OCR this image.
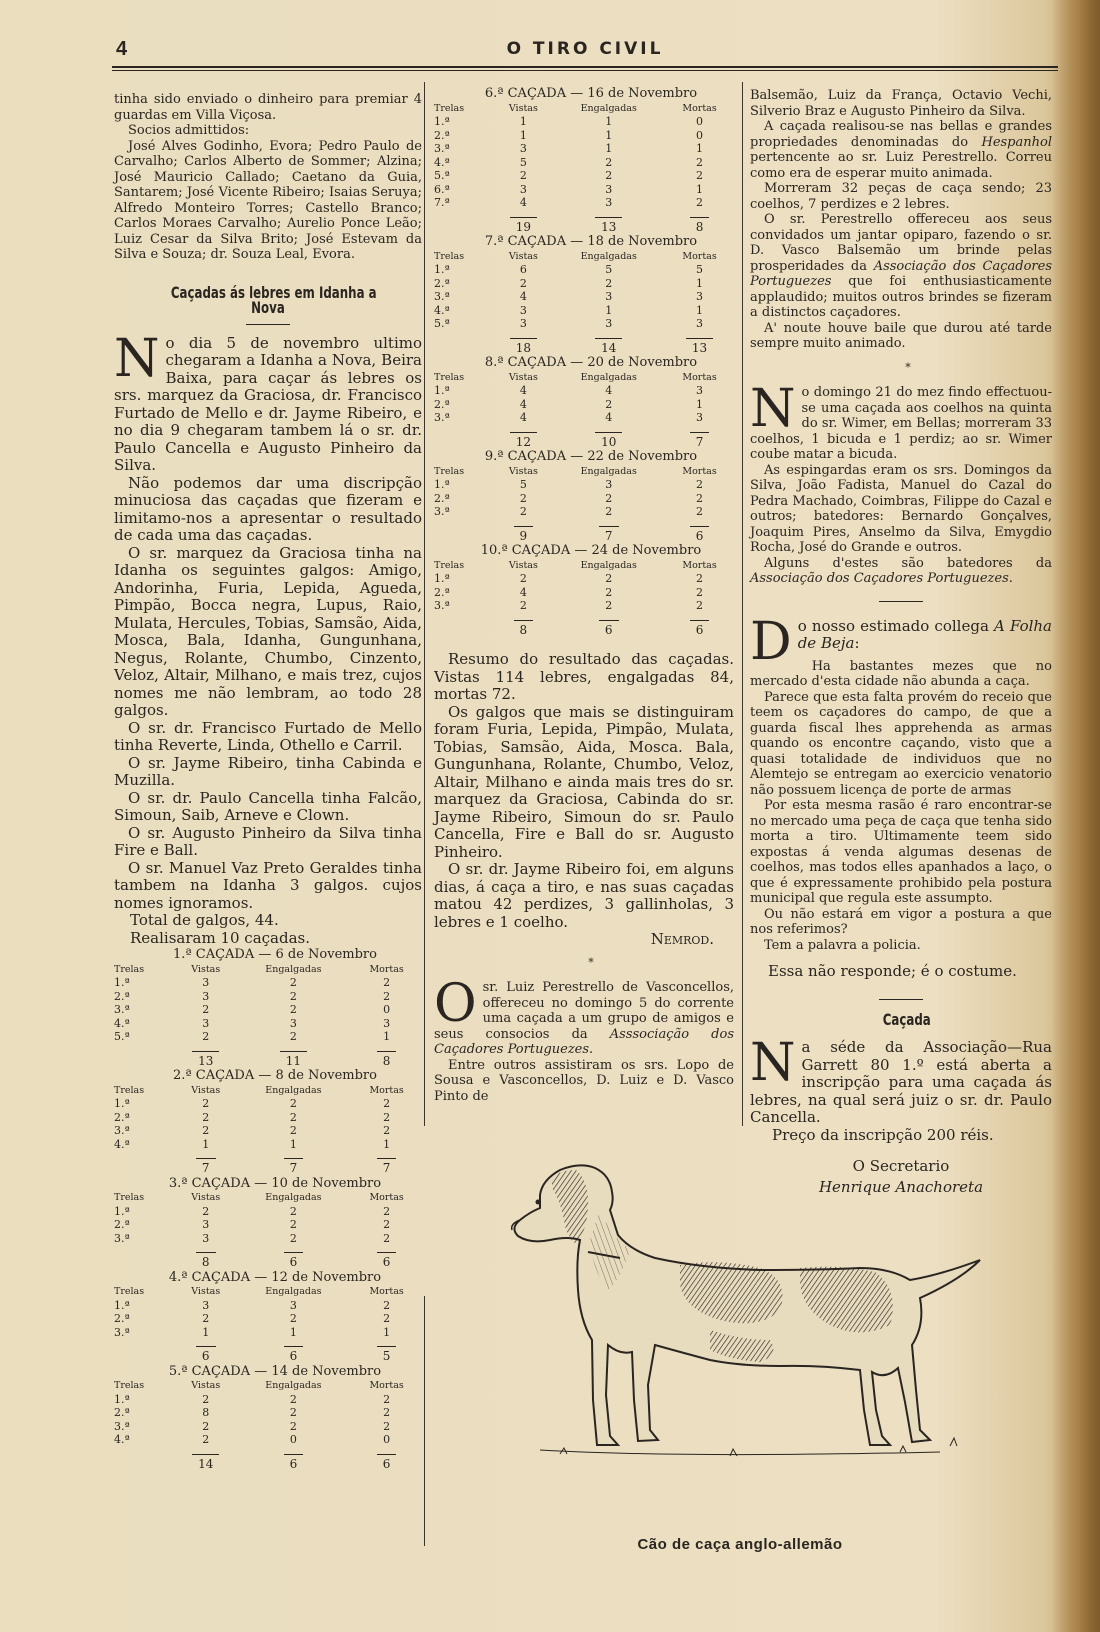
4	O TIRO CIVIL

tinha sido enviado o dinheiro para premiar 4 guardas em Villa Viçosa.

Socios admittidos:

José Alves Godinho, Evora; Pedro Paulo de Carvalho; Carlos Alberto de Sommer; Alzina; José Mauricio Callado; Caetano da Guia, Santarem; José Vicente Ribeiro; Isaias Seruya; Alfredo Monteiro Torres; Castello Branco; Carlos Moraes Carvalho; Aurelio Ponce Leão; Luiz Cesar da Silva Brito; José Estevam da Silva e Souza; dr. Souza Leal, Evora.

Caçadas ás lebres em Idanha a Nova

No dia 5 de novembro ultimo chegaram a Idanha a Nova, Beira Baixa, para caçar ás lebres os srs. marquez da Graciosa, dr. Francisco Furtado de Mello e dr. Jayme Ribeiro, e no dia 9 chegaram tambem lá o sr. dr. Paulo Cancella e Augusto Pinheiro da Silva.

Não podemos dar uma discripção minuciosa das caçadas que fizeram e limitamo-nos a apresentar o resultado de cada uma das caçadas.

O sr. marquez da Graciosa tinha na Idanha os seguintes galgos: Amigo, Andorinha, Furia, Lepida, Agueda, Pimpão, Bocca negra, Lupus, Raio, Mulata, Hercules, Tobias, Samsão, Aida, Mosca, Bala, Idanha, Gungunhana, Negus, Rolante, Chumbo, Cinzento, Veloz, Altair, Milhano, e mais trez, cujos nomes me não lembram, ao todo 28 galgos.

O sr. dr. Francisco Furtado de Mello tinha Reverte, Linda, Othello e Carril.

O sr. Jayme Ribeiro, tinha Cabinda e Muzilla.

O sr. dr. Paulo Cancella tinha Falcão, Simoun, Saib, Arneve e Clown.

O sr. Augusto Pinheiro da Silva tinha Fire e Ball.

O sr. Manuel Vaz Preto Geraldes tinha tambem na Idanha 3 galgos. cujos nomes ignoramos.

Total de galgos, 44.

Realisaram 10 caçadas.

1.ª CAÇADA — 6 de Novembro

Trelas	Vistas	Engalgadas	Mortas
1.ª	3	2	2
2.ª	3	2	2
3.ª	2	2	0
4.ª	3	3	3
5.ª	2	2	1
	13	11	8

2.ª CAÇADA — 8 de Novembro

Trelas	Vistas	Engalgadas	Mortas
1.ª	2	2	2
2.ª	2	2	2
3.ª	2	2	2
4.ª	1	1	1
	7	7	7

3.ª CAÇADA — 10 de Novembro

Trelas	Vistas	Engalgadas	Mortas
1.ª	2	2	2
2.ª	3	2	2
3.ª	3	2	2
	8	6	6

4.ª CAÇADA — 12 de Novembro

Trelas	Vistas	Engalgadas	Mortas
1.ª	3	3	2
2.ª	2	2	2
3.ª	1	1	1
	6	6	5

5.ª CAÇADA — 14 de Novembro

Trelas	Vistas	Engalgadas	Mortas
1.ª	2	2	2
2.ª	8	2	2
3.ª	2	2	2
4.ª	2	0	0
	14	6	6

6.ª CAÇADA — 16 de Novembro

Trelas	Vistas	Engalgadas	Mortas
1.ª	1	1	0
2.ª	1	1	0
3.ª	3	1	1
4.ª	5	2	2
5.ª	2	2	2
6.ª	3	3	1
7.ª	4	3	2
	19	13	8

7.ª CAÇADA — 18 de Novembro

Trelas	Vistas	Engalgadas	Mortas
1.ª	6	5	5
2.ª	2	2	1
3.ª	4	3	3
4.ª	3	1	1
5.ª	3	3	3
	18	14	13

8.ª CAÇADA — 20 de Novembro

Trelas	Vistas	Engalgadas	Mortas
1.ª	4	4	3
2.ª	4	2	1
3.ª	4	4	3
	12	10	7

9.ª CAÇADA — 22 de Novembro

Trelas	Vistas	Engalgadas	Mortas
1.ª	5	3	2
2.ª	2	2	2
3.ª	2	2	2
	9	7	6

10.ª CAÇADA — 24 de Novembro

Trelas	Vistas	Engalgadas	Mortas
1.ª	2	2	2
2.ª	4	2	2
3.ª	2	2	2
	8	6	6

Resumo do resultado das caçadas. Vistas 114 lebres, engalgadas 84, mortas 72.

Os galgos que mais se distinguiram foram Furia, Lepida, Pimpão, Mulata, Tobias, Samsão, Aida, Mosca. Bala, Gungunhana, Rolante, Chumbo, Veloz, Altair, Milhano e ainda mais tres do sr. marquez da Graciosa, Cabinda do sr. Jayme Ribeiro, Simoun do sr. Paulo Cancella, Fire e Ball do sr. Augusto Pinheiro.

O sr. dr. Jayme Ribeiro foi, em alguns dias, á caça a tiro, e nas suas caçadas matou 42 perdizes, 3 gallinholas, 3 lebres e 1 coelho.

Nemrod.

*

Osr. Luiz Perestrello de Vasconcellos, offereceu no domingo 5 do corrente uma caçada a um grupo de amigos e seus consocios da Asssociação dos Caçadores Portuguezes.

Entre outros assistiram os srs. Lopo de Sousa e Vasconcellos, D. Luiz e D. Vasco Pinto de

Balsemão, Luiz da França, Octavio Vechi, Silverio Braz e Augusto Pinheiro da Silva.

A caçada realisou-se nas bellas e grandes propriedades denominadas do Hespanhol pertencente ao sr. Luiz Perestrello. Correu como era de esperar muito animada.

Morreram 32 peças de caça sendo; 23 coelhos, 7 perdizes e 2 lebres.

O sr. Perestrello offereceu aos seus convidados um jantar opiparo, fazendo o sr. D. Vasco Balsemão um brinde pelas prosperidades da Associação dos Caçadores Portuguezes que foi enthusiasticamente applaudido; muitos outros brindes se fizeram a distinctos caçadores.

A' noute houve baile que durou até tarde sempre muito animado.

*

No domingo 21 do mez findo effectuou-se uma caçada aos coelhos na quinta do sr. Wimer, em Bellas; morreram 33 coelhos, 1 bicuda e 1 perdiz; ao sr. Wimer coube matar a bicuda.

As espingardas eram os srs. Domingos da Silva, João Fadista, Manuel do Cazal do Pedra Machado, Coimbras, Filippe do Cazal e outros; batedores: Bernardo Gonçalves, Joaquim Pires, Anselmo da Silva, Emygdio Rocha, José do Grande e outros.

Alguns d'estes são batedores da Associação dos Caçadores Portuguezes.

Do nosso estimado collega A Folha de Beja:

Ha bastantes mezes que no mercado d'esta cidade não abunda a caça.

Parece que esta falta provém do receio que teem os caçadores do campo, de que a guarda fiscal lhes apprehenda as armas quando os encontre caçando, visto que a quasi totalidade de individuos que no Alemtejo se entregam ao exercicio venatorio não possuem licença de porte de armas

Por esta mesma rasão é raro encontrar-se no mercado uma peça de caça que tenha sido morta a tiro. Ultimamente teem sido expostas á venda algumas desenas de coelhos, mas todos elles apanhados a laço, o que é expressamente prohibido pela postura municipal que regula este assumpto.

Ou não estará em vigor a postura a que nos referimos?

Tem a palavra a policia.

Essa não responde; é o costume.

Caçada

Na séde da Associação—Rua Garrett 80 1.º está aberta a inscripção para uma caçada ás lebres, na qual será juiz o sr. dr. Paulo Cancella.

Preço da inscripção 200 réis.

O Secretario

Henrique Anachoreta

Cão de caça anglo-allemão
